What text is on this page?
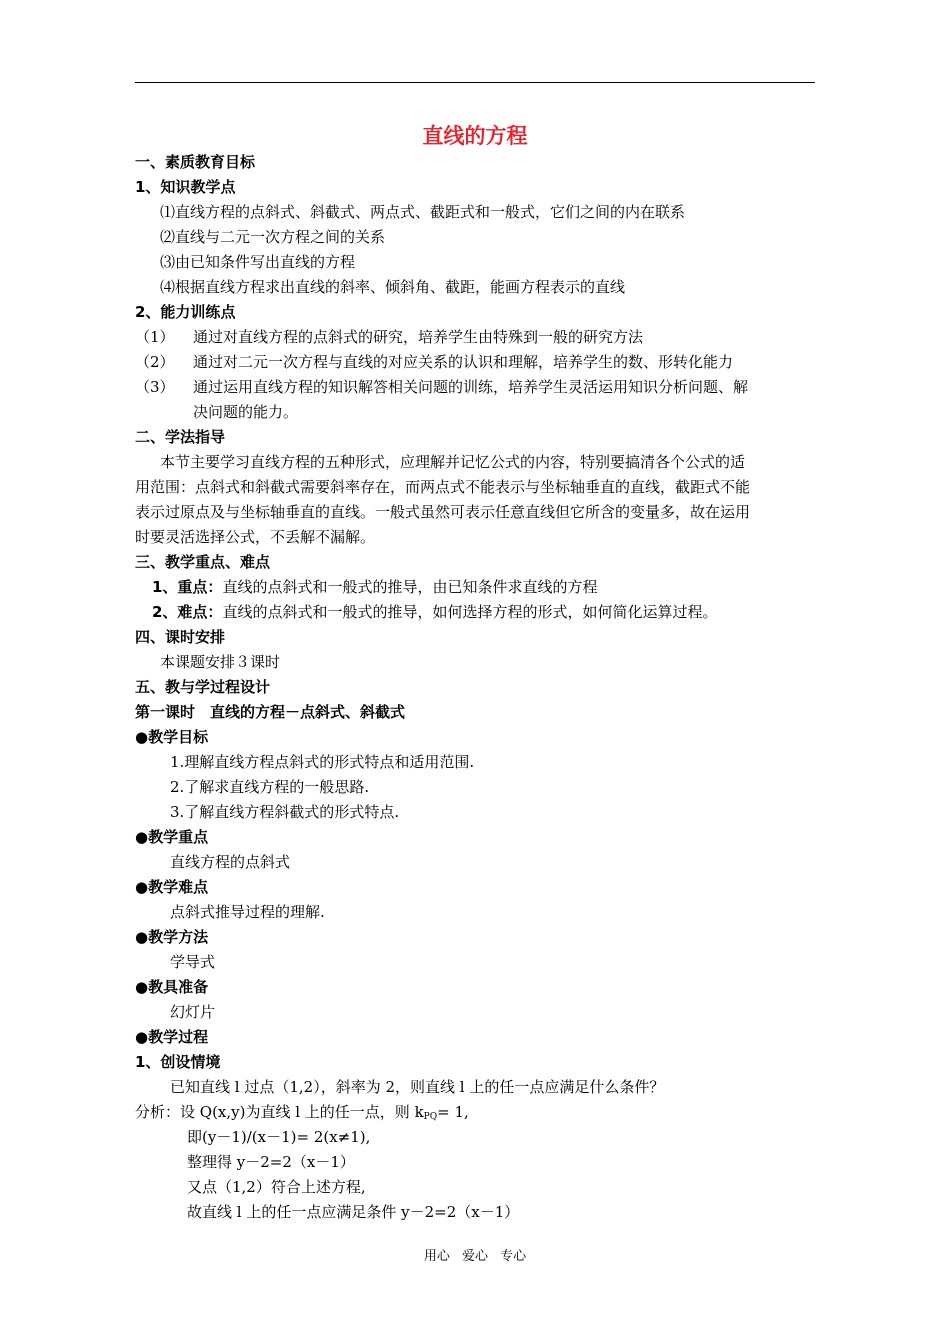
直线的方程
一、素质教育目标
1、知识教学点
⑴直线方程的点斜式、斜截式、两点式、截距式和一般式，它们之间的内在联系
⑵直线与二元一次方程之间的关系
⑶由已知条件写出直线的方程
⑷根据直线方程求出直线的斜率、倾斜角、截距，能画方程表示的直线
2、能力训练点
（1） 通过对直线方程的点斜式的研究，培养学生由特殊到一般的研究方法
（2） 通过对二元一次方程与直线的对应关系的认识和理解，培养学生的数、形转化能力
（3） 通过运用直线方程的知识解答相关问题的训练，培养学生灵活运用知识分析问题、解
决问题的能力。
二、学法指导
本节主要学习直线方程的五种形式，应理解并记忆公式的内容，特别要搞清各个公式的适
用范围：点斜式和斜截式需要斜率存在，而两点式不能表示与坐标轴垂直的直线，截距式不能
表示过原点及与坐标轴垂直的直线。一般式虽然可表示任意直线但它所含的变量多，故在运用
时要灵活选择公式，不丢解不漏解。
三、教学重点、难点
1、重点：直线的点斜式和一般式的推导，由已知条件求直线的方程
2、难点：直线的点斜式和一般式的推导，如何选择方程的形式，如何简化运算过程。
四、课时安排
本课题安排３课时
五、教与学过程设计
第一课时　直线的方程－点斜式、斜截式
●教学目标
1.理解直线方程点斜式的形式特点和适用范围.
2.了解求直线方程的一般思路.
3.了解直线方程斜截式的形式特点.
●教学重点
直线方程的点斜式
●教学难点
点斜式推导过程的理解.
●教学方法
学导式
●教具准备
幻灯片
●教学过程
1、创设情境
已知直线 l 过点（1,2），斜率为 2，则直线 l 上的任一点应满足什么条件？
分析：设 Q(x,y)为直线 l 上的任一点，则 $k_{PQ}= 1$,
即(y－1)/(x－1)= 2(x≠1),
整理得 y－2=2（x－1）
又点（1,2）符合上述方程,
故直线 l 上的任一点应满足条件 y－2=2（x－1）
用心 爱心 专心
